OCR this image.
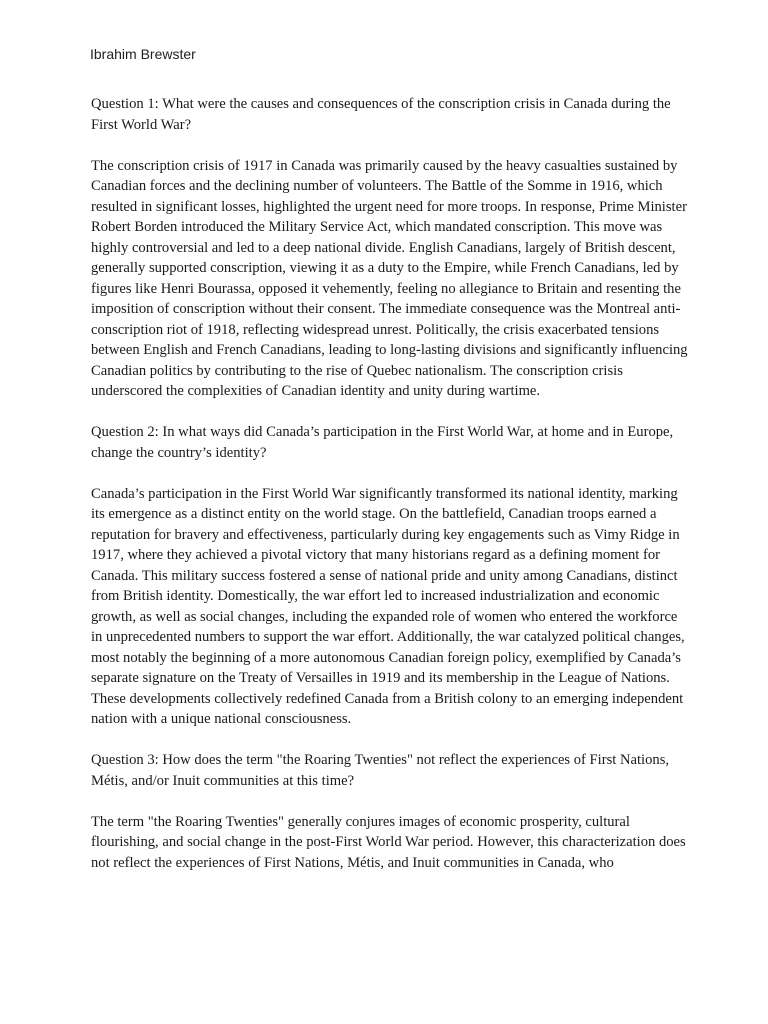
Ibrahim Brewster

Question 1: What were the causes and consequences of the conscription crisis in Canada during the First World War?

The conscription crisis of 1917 in Canada was primarily caused by the heavy casualties sustained by Canadian forces and the declining number of volunteers. The Battle of the Somme in 1916, which resulted in significant losses, highlighted the urgent need for more troops. In response, Prime Minister Robert Borden introduced the Military Service Act, which mandated conscription. This move was highly controversial and led to a deep national divide. English Canadians, largely of British descent, generally supported conscription, viewing it as a duty to the Empire, while French Canadians, led by figures like Henri Bourassa, opposed it vehemently, feeling no allegiance to Britain and resenting the imposition of conscription without their consent. The immediate consequence was the Montreal anti-conscription riot of 1918, reflecting widespread unrest. Politically, the crisis exacerbated tensions between English and French Canadians, leading to long-lasting divisions and significantly influencing Canadian politics by contributing to the rise of Quebec nationalism. The conscription crisis underscored the complexities of Canadian identity and unity during wartime.

Question 2: In what ways did Canada’s participation in the First World War, at home and in Europe, change the country’s identity?

Canada’s participation in the First World War significantly transformed its national identity, marking its emergence as a distinct entity on the world stage. On the battlefield, Canadian troops earned a reputation for bravery and effectiveness, particularly during key engagements such as Vimy Ridge in 1917, where they achieved a pivotal victory that many historians regard as a defining moment for Canada. This military success fostered a sense of national pride and unity among Canadians, distinct from British identity. Domestically, the war effort led to increased industrialization and economic growth, as well as social changes, including the expanded role of women who entered the workforce in unprecedented numbers to support the war effort. Additionally, the war catalyzed political changes, most notably the beginning of a more autonomous Canadian foreign policy, exemplified by Canada’s separate signature on the Treaty of Versailles in 1919 and its membership in the League of Nations. These developments collectively redefined Canada from a British colony to an emerging independent nation with a unique national consciousness.

Question 3: How does the term "the Roaring Twenties" not reflect the experiences of First Nations, Métis, and/or Inuit communities at this time?

The term "the Roaring Twenties" generally conjures images of economic prosperity, cultural flourishing, and social change in the post-First World War period. However, this characterization does not reflect the experiences of First Nations, Métis, and Inuit communities in Canada, who
